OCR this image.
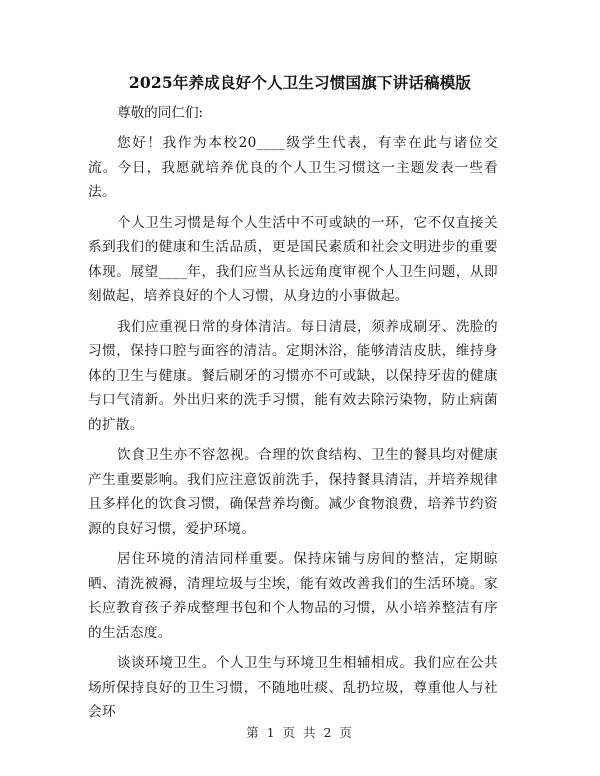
2025年养成良好个人卫生习惯国旗下讲话稿模版

尊敬的同仁们:

您好！我作为本校20____级学生代表，有幸在此与诸位交流。今日，我愿就培养优良的个人卫生习惯这一主题发表一些看法。

个人卫生习惯是每个人生活中不可或缺的一环，它不仅直接关系到我们的健康和生活品质，更是国民素质和社会文明进步的重要体现。展望____年，我们应当从长远角度审视个人卫生问题，从即刻做起，培养良好的个人习惯，从身边的小事做起。

我们应重视日常的身体清洁。每日清晨，须养成刷牙、洗脸的习惯，保持口腔与面容的清洁。定期沐浴，能够清洁皮肤，维持身体的卫生与健康。餐后刷牙的习惯亦不可或缺，以保持牙齿的健康与口气清新。外出归来的洗手习惯，能有效去除污染物，防止病菌的扩散。

饮食卫生亦不容忽视。合理的饮食结构、卫生的餐具均对健康产生重要影响。我们应注意饭前洗手，保持餐具清洁，并培养规律且多样化的饮食习惯，确保营养均衡。减少食物浪费，培养节约资源的良好习惯，爱护环境。

居住环境的清洁同样重要。保持床铺与房间的整洁，定期晾晒、清洗被褥，清理垃圾与尘埃，能有效改善我们的生活环境。家长应教育孩子养成整理书包和个人物品的习惯，从小培养整洁有序的生活态度。

谈谈环境卫生。个人卫生与环境卫生相辅相成。我们应在公共场所保持良好的卫生习惯，不随地吐痰、乱扔垃圾，尊重他人与社会环

第 1 页 共 2 页
